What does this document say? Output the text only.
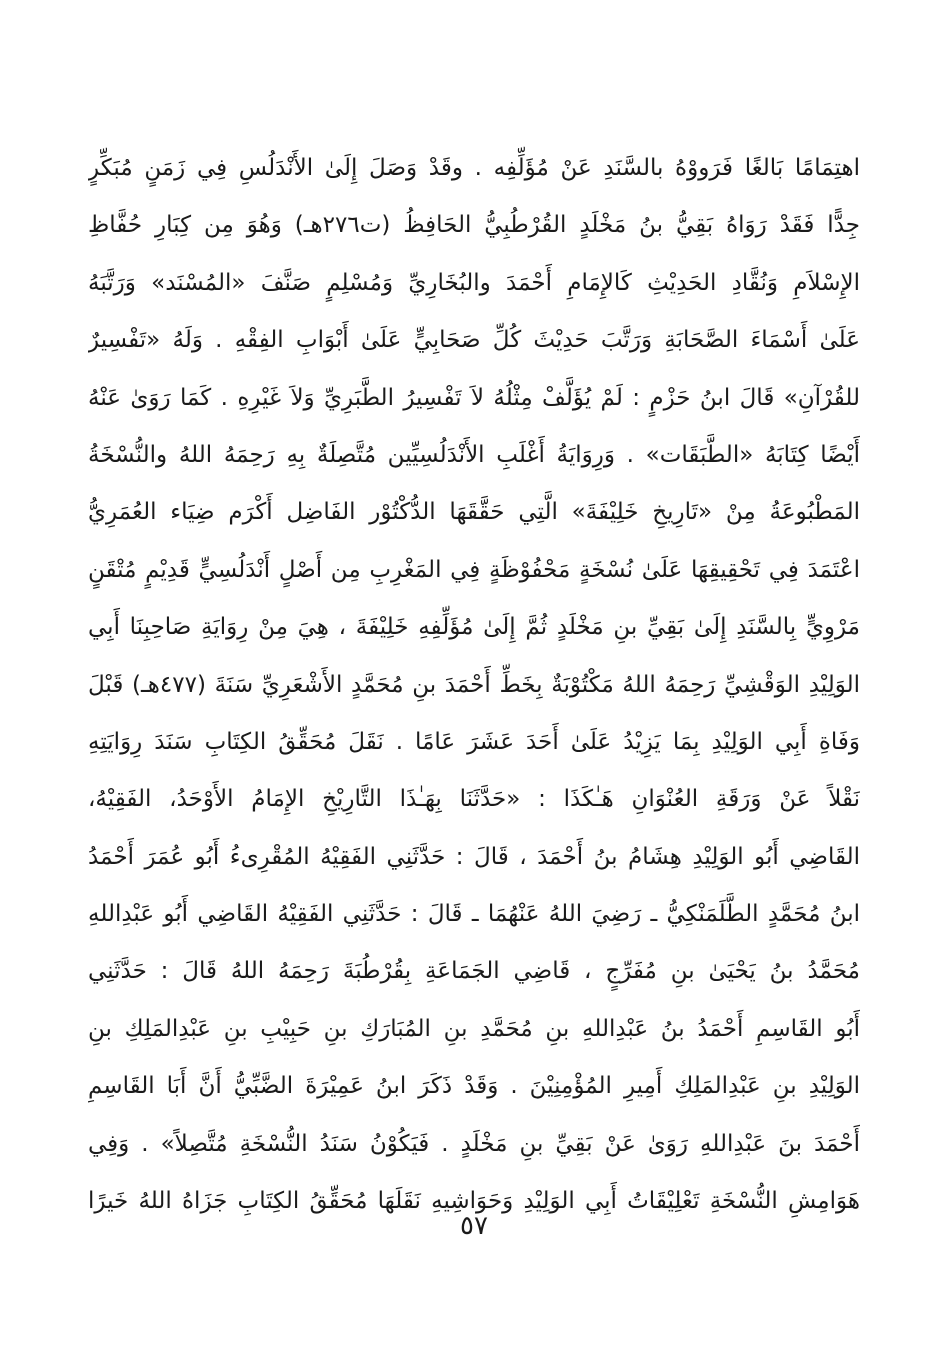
اهتِمَامًا بَالغًا فَرَووْهُ بالسَّنَدِ عَنْ مُؤَلِّفِه . وقَدْ وَصَلَ إِلَىٰ الأَنْدَلُسِ فِي زَمَنٍ مُبَكِّرٍ
جِدًّا فَقَدْ رَوَاهُ بَقِيُّ بنُ مَخْلَدٍ القُرْطُبِيُّ الحَافِظُ (ت٢٧٦هـ) وَهُوَ مِن كِبَارِ حُفَّاظِ
الإِسْلاَمِ وَنُقَّادِ الحَدِيْثِ كَالإِمَامِ أَحْمَدَ والبُخَارِيِّ وَمُسْلِمٍ صَنَّفَ «المُسْنَد» وَرَتَّبَهُ
عَلَىٰ أَسْمَاءَ الصَّحَابَةِ وَرَتَّبَ حَدِيْثَ كُلِّ صَحَابِيٍّ عَلَىٰ أَبْوَابِ الفِقْهِ . وَلَهُ «تَفْسِيرٌ
للقُرْآنِ» قَالَ ابنُ حَزْمٍ : لَمْ يُؤَلَّفْ مِثْلُهُ لاَ تَفْسِيرُ الطَّبَرِيِّ وَلاَ غَيْرِهِ . كَمَا رَوَىٰ عَنْهُ
أَيْضًا كِتَابَهُ «الطَّبَقَات» . وَرِوَايَةُ أَغْلَبِ الأَنْدَلُسِيِّين مُتَّصِلَةٌ بِهِ رَحِمَهُ اللهُ والنُّسْخَةُ
المَطْبُوعَةُ مِنْ «تَارِيخِ خَلِيْفَةَ» الَّتِي حَقَّقَهَا الدُّكْتُوْر الفَاضِل أَكْرَم ضِيَاء العُمَرِيُّ
اعْتَمَدَ فِي تَحْقِيقِهَا عَلَىٰ نُسْخَةٍ مَحْفُوْظَةٍ فِي المَغْرِبِ مِن أَصْلٍ أَنْدَلُسِيٍّ قَدِيْمٍ مُتْقَنٍ
مَرْوِيٍّ بِالسَّنَدِ إِلَىٰ بَقِيِّ بنِ مَخْلَدٍ ثُمَّ إِلَىٰ مُؤَلِّفِهِ خَلِيْفَةَ ، هِيَ مِنْ رِوَايَةِ صَاحِبِنَا أَبِي
الوَلِيْدِ الوَقْشِيِّ رَحِمَهُ اللهُ مَكْتُوْبَةٌ بِخَطِّ أَحْمَدَ بنِ مُحَمَّدٍ الأَشْعَرِيِّ سَنَةَ (٤٧٧هـ) قَبْلَ
وَفَاةِ أَبِي الوَلِيْدِ بِمَا يَزِيْدُ عَلَىٰ أَحَدَ عَشَرَ عَامًا . نَقَلَ مُحَقِّقُ الكِتَابِ سَنَدَ رِوَايَتِهِ
نَقْلاً عَنْ وَرَقَةِ العُنْوَانِ هَـٰكَذَا : «حَدَّثَنَا بِهَـٰذَا التَّارِيْخِ الإِمَامُ الأَوْحَدُ، الفَقِيْهُ،
القَاضِي أَبُو الوَلِيْدِ هِشَامُ بنُ أَحْمَدَ ، قَالَ : حَدَّثَنِي الفَقِيْهُ المُقْرِىءُ أَبُو عُمَرَ أَحْمَدُ
ابنُ مُحَمَّدٍ الطَّلَمَنْكِيُّ ـ رَضِيَ اللهُ عَنْهُمَا ـ قَالَ : حَدَّثَنِي الفَقِيْهُ القَاضِي أَبُو عَبْدِاللهِ
مُحَمَّدُ بنُ يَحْيَىٰ بنِ مُفَرِّجٍ ، قَاضِي الجَمَاعَةِ بِقُرْطُبَةَ رَحِمَهُ اللهُ قَالَ : حَدَّثَنِي
أَبُو القَاسِمِ أَحْمَدُ بنُ عَبْدِاللهِ بنِ مُحَمَّدِ بنِ المُبَارَكِ بنِ حَبِيْبِ بنِ عَبْدِالمَلِكِ بنِ
الوَلِيْدِ بنِ عَبْدِالمَلِكِ أَمِيرِ المُؤْمِنِيْنَ . وَقَدْ ذَكَرَ ابنُ عَمِيْرَةَ الضَّبِّيُّ أَنَّ أَبَا القَاسِمِ
أَحْمَدَ بنَ عَبْدِاللهِ رَوَىٰ عَنْ بَقِيِّ بنِ مَخْلَدٍ . فَيَكُوْنُ سَنَدُ النُّسْخَةِ مُتَّصِلاً» . وَفِي
هَوَامِشِ النُّسْخَةِ تَعْلِيْقَاتُ أَبِي الوَلِيْدِ وَحَوَاشِيهِ نَقَلَهَا مُحَقِّقُ الكِتَابِ جَزَاهُ اللهُ خَيرًا
٥٧
